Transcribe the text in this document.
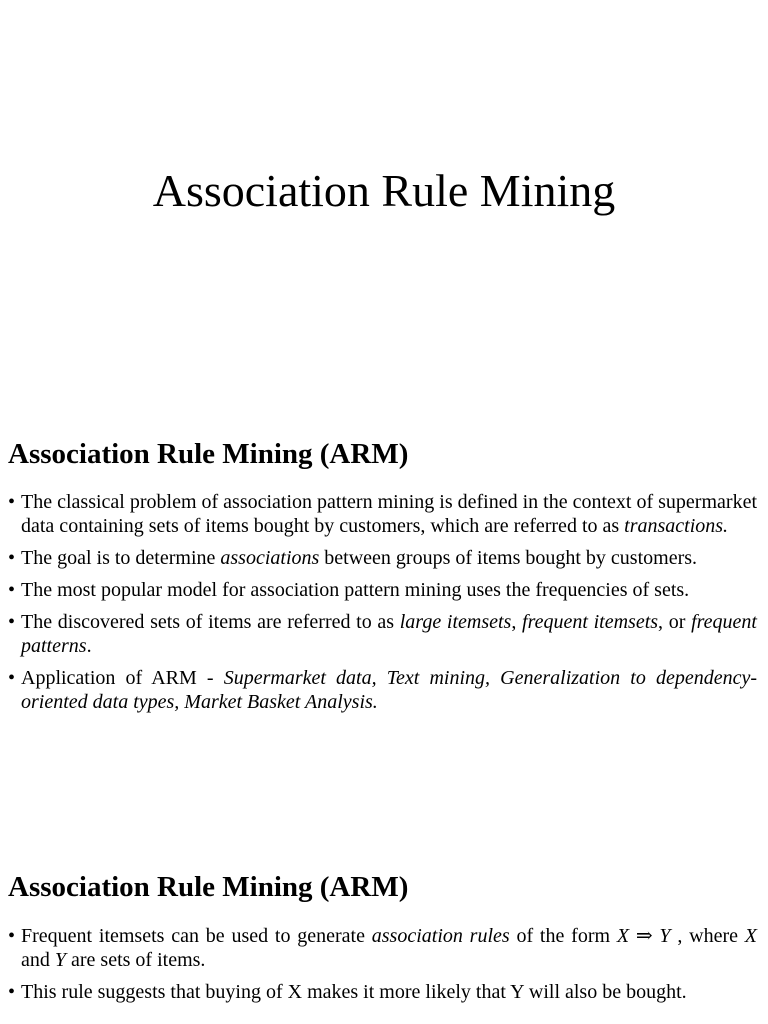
Association Rule Mining
Association Rule Mining (ARM)
• The classical problem of association pattern mining is defined in the context of supermarket data containing sets of items bought by customers, which are referred to as transactions.
• The goal is to determine associations between groups of items bought by customers.
• The most popular model for association pattern mining uses the frequencies of sets.
• The discovered sets of items are referred to as large itemsets, frequent itemsets, or frequent patterns.
• Application of ARM - Supermarket data, Text mining, Generalization to dependency-oriented data types, Market Basket Analysis.
Association Rule Mining (ARM)
• Frequent itemsets can be used to generate association rules of the form X ⇒ Y , where X and Y are sets of items.
• This rule suggests that buying of X makes it more likely that Y will also be bought.
